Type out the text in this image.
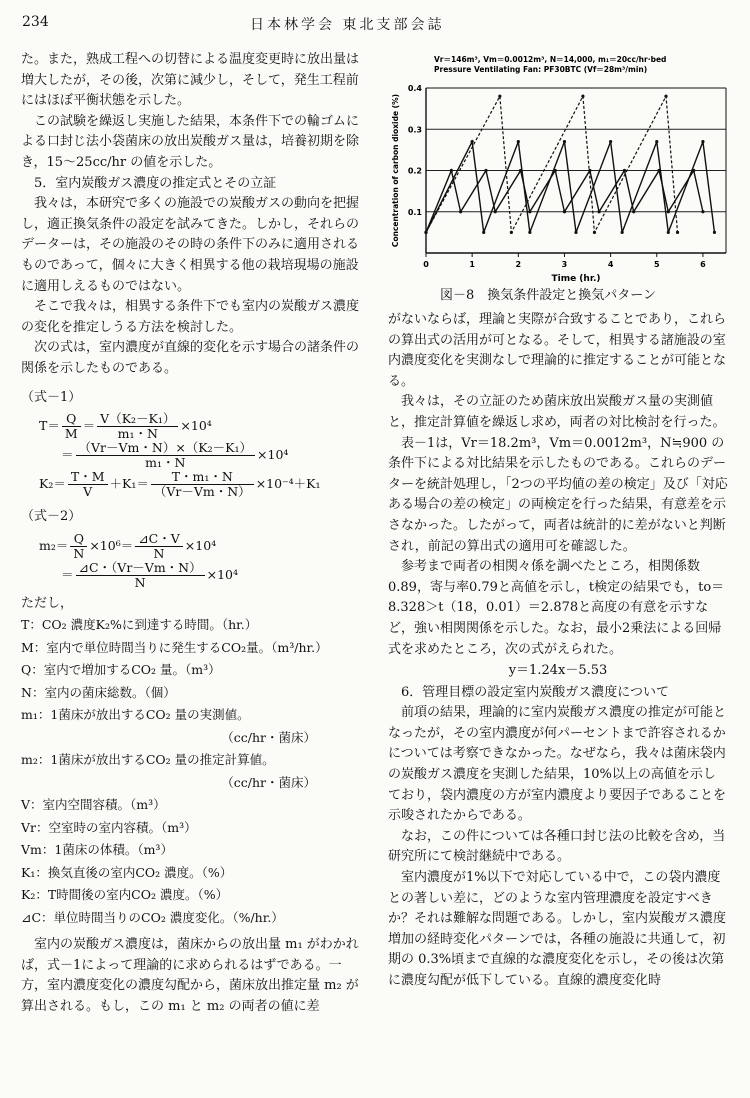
234	日本林学会 東北支部会誌

た。また，熟成工程への切替による温度変更時に放出量は増大したが，その後，次第に減少し，そして，発生工程前にはほぼ平衡状態を示した。

この試験を繰返し実施した結果，本条件下での輪ゴムによる口封じ法小袋菌床の放出炭酸ガス量は，培養初期を除き，15～25cc/hr の値を示した。

5．室内炭酸ガス濃度の推定式とその立証

我々は，本研究で多くの施設での炭酸ガスの動向を把握し，適正換気条件の設定を試みてきた。しかし，それらのデーターは，その施設のその時の条件下のみに適用されるものであって，個々に大きく相異する他の栽培現場の施設に適用しえるものではない。

そこで我々は，相異する条件下でも室内の炭酸ガス濃度の変化を推定しうる方法を検討した。

次の式は，室内濃度が直線的変化を示す場合の諸条件の関係を示したものである。

（式－1）
$T= \frac{Q}{M} = \frac{\text{V（K₂－K₁）}}{\text{m₁・N}} \times 10^4$
＝ $\frac{\text{（Vr－Vm・N）×（K₂－K₁）}}{\text{m₁・N}} \times 10^4$
$K_2= \frac{T・M}{V} +K_1= \frac{\text{T・m₁・N}}{(Vr-Vm・N)} \times 10^{-4}+K_1$
（式－2）
$m_2= \frac{Q}{N} \times 10^6= \frac{⊿C・V}{N} \times 10^4$
＝ $\frac{⊿C・(Vr-Vm・N)}{N} \times 10^4$

ただし，

T：CO₂ 濃度K₂%に到達する時間。（hr.）
M：室内で単位時間当りに発生するCO₂量。（m³/hr.）
Q：室内で増加するCO₂ 量。（m³）
N：室内の菌床総数。（個）
m₁：1菌床が放出するCO₂ 量の実測値。
（cc/hr・菌床）
m₂：1菌床が放出するCO₂ 量の推定計算値。
（cc/hr・菌床）
V：室内空間容積。（m³）
Vr：空室時の室内容積。（m³）
Vm：1菌床の体積。（m³）
K₁：換気直後の室内CO₂ 濃度。（%）
K₂：T時間後の室内CO₂ 濃度。（%）
⊿C：単位時間当りのCO₂ 濃度変化。（%/hr.）

室内の炭酸ガス濃度は，菌床からの放出量 m₁ がわかれば，式－1によって理論的に求められるはずである。一方，室内濃度変化の濃度勾配から，菌床放出推定量 m₂ が算出される。もし，この m₁ と m₂ の両者の値に差

Vr＝146m³, Vm＝0.0012m³, N＝14,000, m₁＝20cc/hr·bed
Pressure Ventilating Fan: PF30BTC (Vf＝28m³/min)
0.1
0.2
0.3
0.4
0	1	2	3	4	5	6
Time (hr.)
Concentration of carbon dioxide (%)
図－8　換気条件設定と換気パターン

がないならば，理論と実際が合致することであり，これらの算出式の活用が可となる。そして，相異する諸施設の室内濃度変化を実測なしで理論的に推定することが可能となる。

我々は，その立証のため菌床放出炭酸ガス量の実測値と，推定計算値を繰返し求め，両者の対比検討を行った。

表－1は，Vr＝18.2m³，Vm＝0.0012m³，N≒900 の条件下による対比結果を示したものである。これらのデーターを統計処理し，「2つの平均値の差の検定」及び「対応ある場合の差の検定」の両検定を行った結果，有意差を示さなかった。したがって，両者は統計的に差がないと判断され，前記の算出式の適用可を確認した。

参考まで両者の相関々係を調べたところ，相関係数0.89，寄与率0.79と高値を示し，t検定の結果でも，to＝8.328＞t（18，0.01）＝2.878と高度の有意を示すなど，強い相関関係を示した。なお，最小2乗法による回帰式を求めたところ，次の式がえられた。

y＝1.24x－5.53

6．管理目標の設定室内炭酸ガス濃度について

前項の結果，理論的に室内炭酸ガス濃度の推定が可能となったが，その室内濃度が何パーセントまで許容されるかについては考察できなかった。なぜなら，我々は菌床袋内の炭酸ガス濃度を実測した結果，10%以上の高値を示しており，袋内濃度の方が室内濃度より要因子であることを示唆されたからである。

なお，この件については各種口封じ法の比較を含め，当研究所にて検討継続中である。

室内濃度が1%以下で対応している中で，この袋内濃度との著しい差に，どのような室内管理濃度を設定すべきか？それは難解な問題である。しかし，室内炭酸ガス濃度増加の経時変化パターンでは，各種の施設に共通して，初期の 0.3%頃まで直線的な濃度変化を示し，その後は次第に濃度勾配が低下している。直線的濃度変化時
